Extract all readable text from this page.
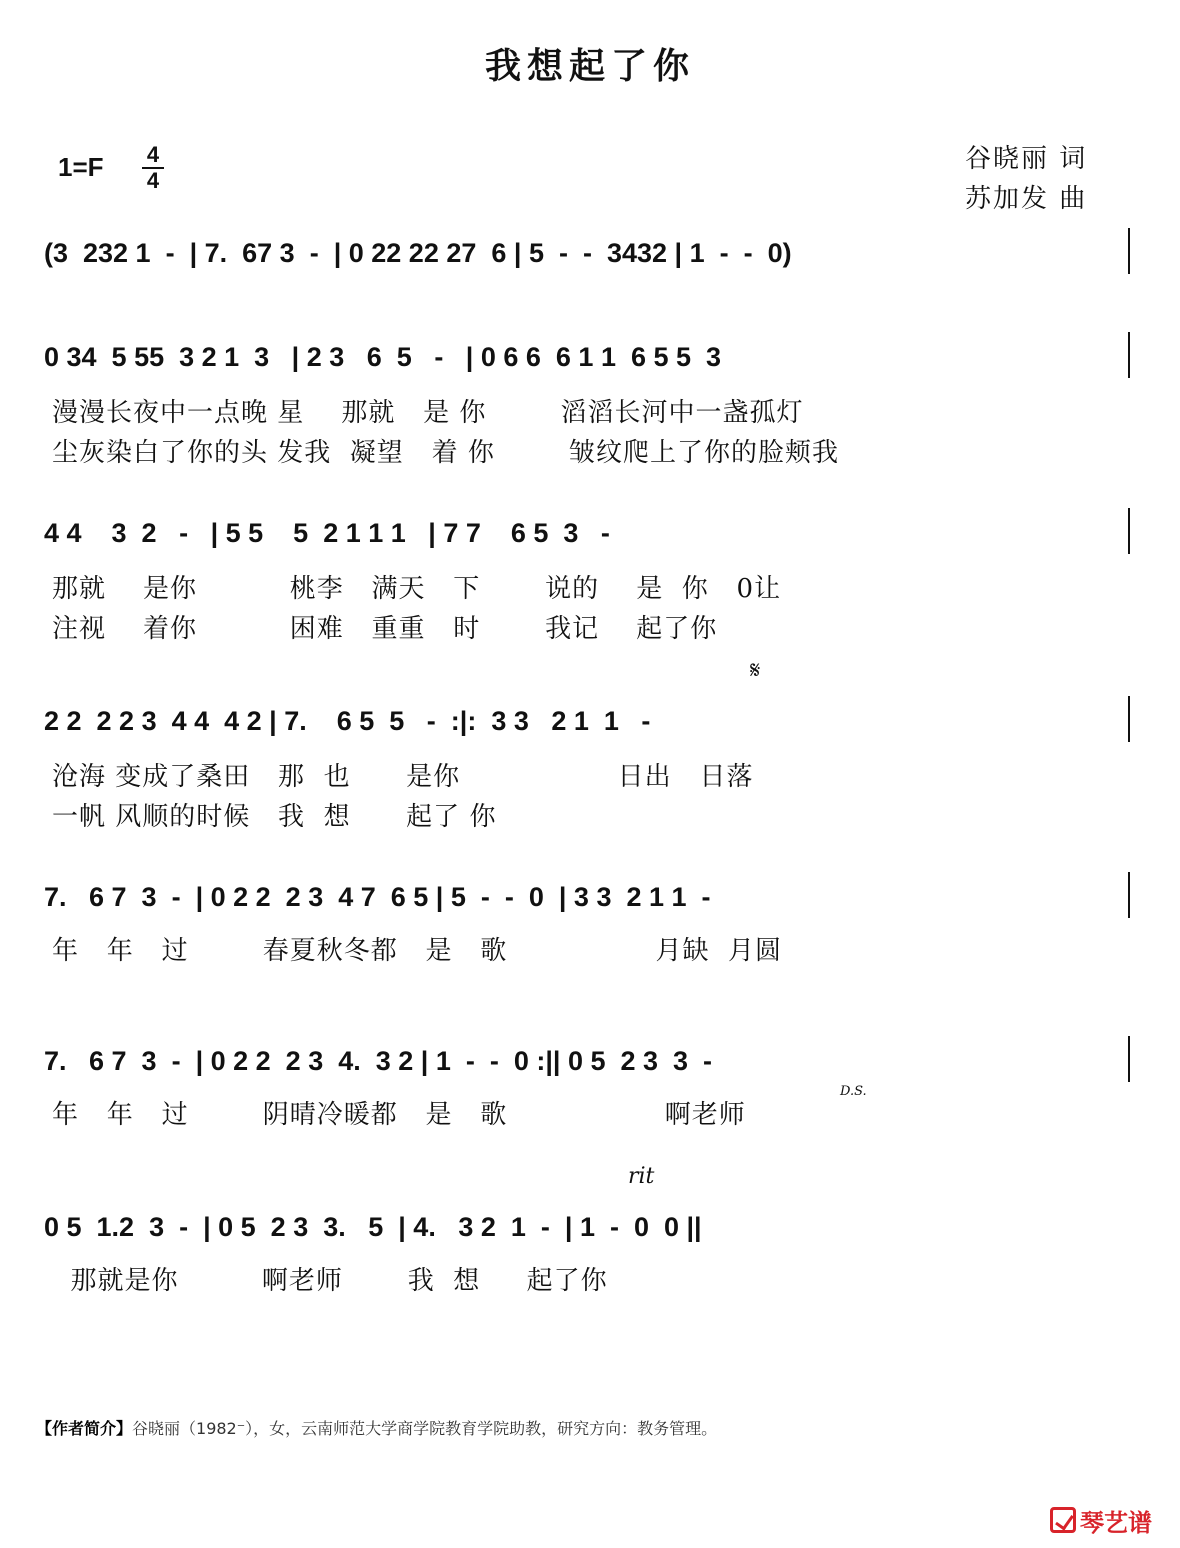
我想起了你
谷晓丽 词
苏加发 曲
1=F 4
4
(3  232 1  -  | 7.  67 3  -  | 0 22 22 27  6 | 5  -  -  3432 | 1  -  -  0)
0 34  5 55  3 2 1  3   | 2 3   6  5   -   | 0 6 6  6 1 1  6 5 5  3
漫漫长夜中一点晚 星    那就   是 你        滔滔长河中一盏孤灯
尘灰染白了你的头 发我  凝望   着 你        皱纹爬上了你的脸颊我
4 4    3  2   -   | 5 5    5  2 1 1 1   | 7 7    6 5  3   -
那就    是你          桃李   满天   下       说的    是  你   0让
注视    着你          困难   重重   时       我记    起了你
𝄋
2 2  2 2 3  4 4  4 2 | 7.    6 5  5   -  :|:  3 3   2 1  1   -
沧海 变成了桑田   那  也      是你                 日出   日落
一帆 风顺的时候   我  想      起了 你
7.   6 7  3  -  | 0 2 2  2 3  4 7  6 5 | 5  -  -  0  | 3 3  2 1 1  -
年   年   过        春夏秋冬都   是   歌                月缺  月圆
7.   6 7  3  -  | 0 2 2  2 3  4.  3 2 | 1  -  -  0 :|| 0 5  2 3  3  -
D.S.
年   年   过        阴晴冷暖都   是   歌                 啊老师
rit
0 5  1.2  3  -  | 0 5  2 3  3.   5  | 4.   3 2  1  -  | 1  -  0  0 ||
那就是你         啊老师       我  想     起了你
【作者简介】谷晓丽（1982⁻），女，云南师范大学商学院教育学院助教，研究方向：教务管理。
琴艺谱
